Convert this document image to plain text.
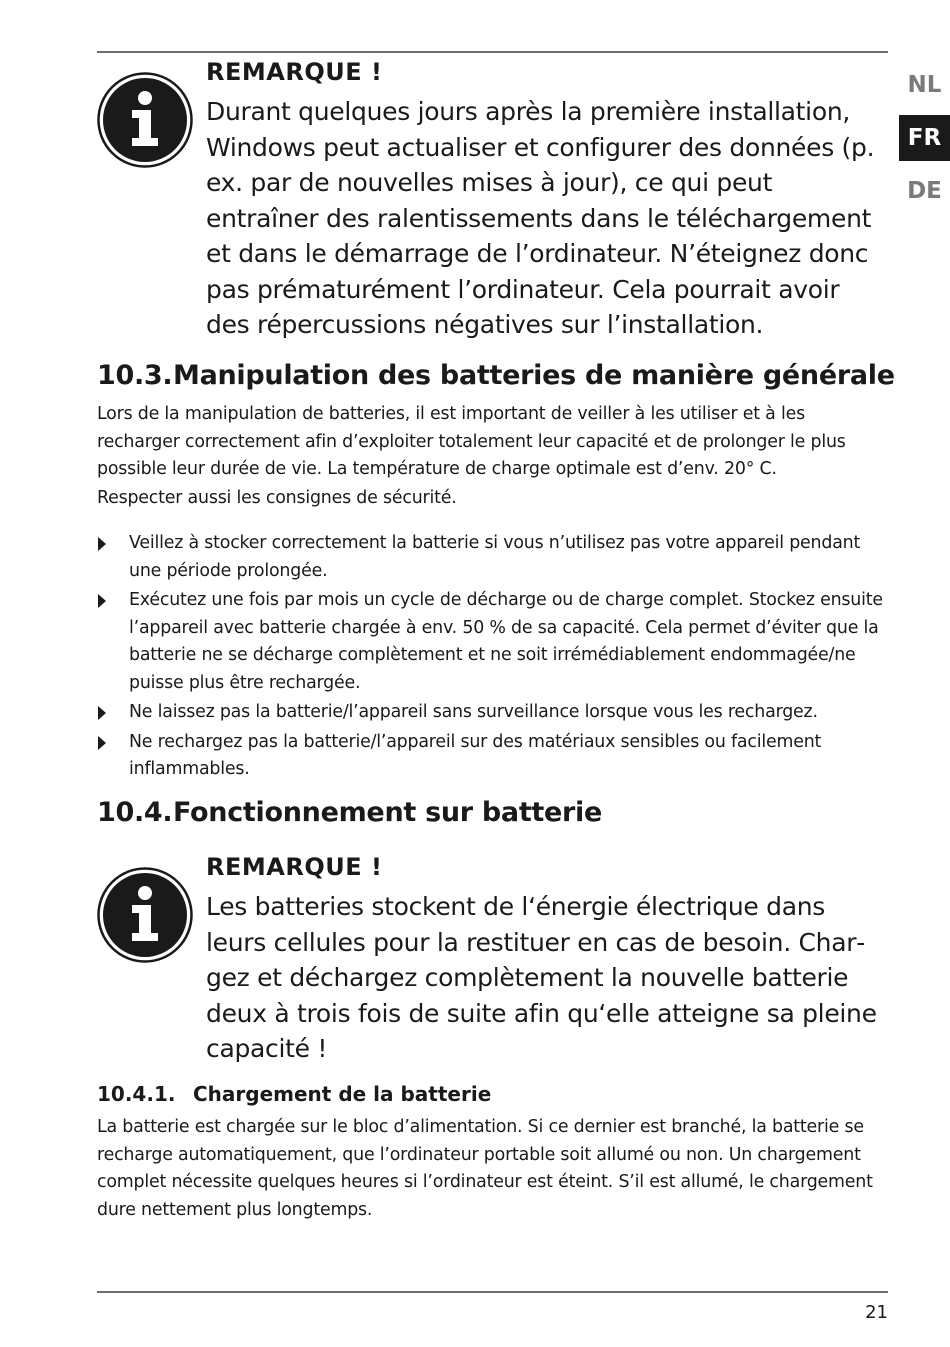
NL
FR
DE
REMARQUE !
Durant quelques jours après la première installation, Windows peut actualiser et configurer des données (p. ex. par de nouvelles mises à jour), ce qui peut entraîner des ralentissements dans le téléchargement et dans le démarrage de l’ordinateur. N’éteignez donc pas prématurément l’ordinateur. Cela pourrait avoir des répercussions négatives sur l’installation.
10.3.Manipulation des batteries de manière générale
Lors de la manipulation de batteries, il est important de veiller à les utiliser et à les recharger correctement afin d’exploiter totalement leur capacité et de prolonger le plus possible leur durée de vie. La température de charge optimale est d’env. 20° C.
Respecter aussi les consignes de sécurité.
Veillez à stocker correctement la batterie si vous n’utilisez pas votre appareil pendant une période prolongée.
Exécutez une fois par mois un cycle de décharge ou de charge complet. Stockez ensuite l’appareil avec batterie chargée à env. 50 % de sa capacité. Cela permet d’éviter que la batterie ne se décharge complètement et ne soit irrémédiablement endommagée/ne puisse plus être rechargée.
Ne laissez pas la batterie/l’appareil sans surveillance lorsque vous les rechargez.
Ne rechargez pas la batterie/l’appareil sur des matériaux sensibles ou facilement inflammables.
10.4.Fonctionnement sur batterie
REMARQUE !
Les batteries stockent de l‘énergie électrique dans leurs cellules pour la restituer en cas de besoin. Chargez et déchargez complètement la nouvelle batterie deux à trois fois de suite afin qu‘elle atteigne sa pleine capacité !
10.4.1. Chargement de la batterie
La batterie est chargée sur le bloc d’alimentation. Si ce dernier est branché, la batterie se recharge automatiquement, que l’ordinateur portable soit allumé ou non. Un chargement complet nécessite quelques heures si l’ordinateur est éteint. S’il est allumé, le chargement dure nettement plus longtemps.
21
